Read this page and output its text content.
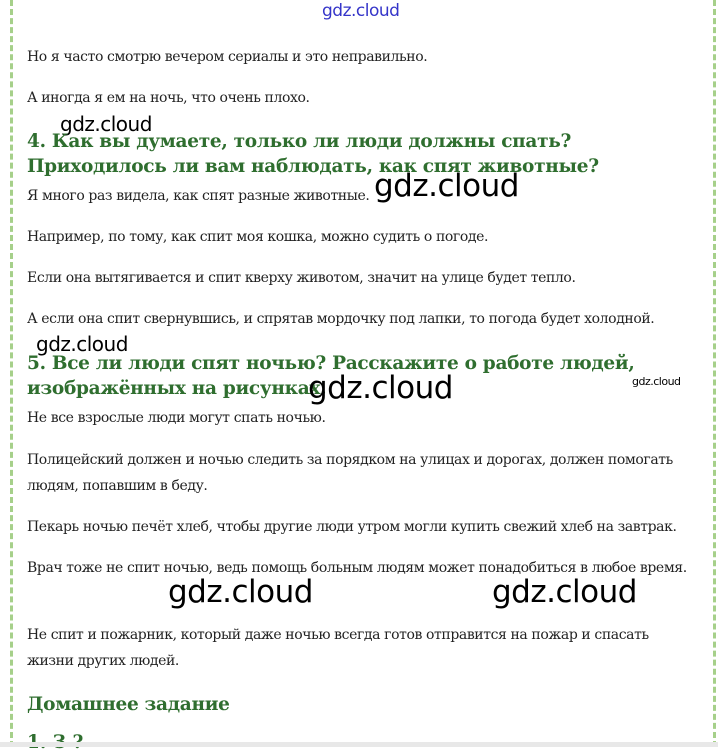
gdz.cloud

Но я часто смотрю вечером сериалы и это неправильно.

А иногда я ем на ночь, что очень плохо.

gdz.cloud
4. Как вы думаете, только ли люди должны спать? Приходилось ли вам наблюдать, как спят животные?

Я много раз видела, как спят разные животные. gdz.cloud

Например, по тому, как спит моя кошка, можно судить о погоде.

Если она вытягивается и спит кверху животом, значит на улице будет тепло.

А если она спит свернувшись, и спрятав мордочку под лапки, то погода будет холодной.

gdz.cloud
5. Все ли люди спят ночью? Расскажите о работе людей, изображённых на рисунках.
gdz.cloud	gdz.cloud

Не все взрослые люди могут спать ночью.

Полицейский должен и ночью следить за порядком на улицах и дорогах, должен помогать людям, попавшим в беду.

Пекарь ночью печёт хлеб, чтобы другие люди утром могли купить свежий хлеб на завтрак.

Врач тоже не спит ночью, ведь помощь больным людям может понадобиться в любое время.

gdz.cloud	gdz.cloud

Не спит и пожарник, который даже ночью всегда готов отправится на пожар и спасать жизни других людей.

Домашнее задание
